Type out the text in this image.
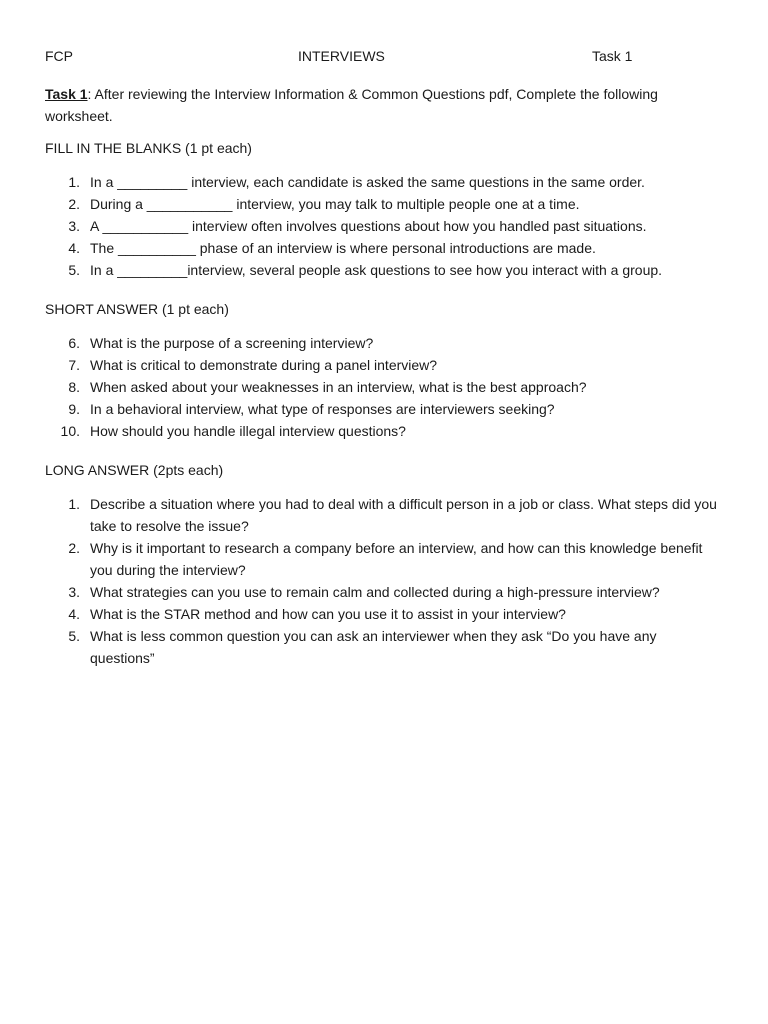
FCP	INTERVIEWS	Task 1
Task 1: After reviewing the Interview Information & Common Questions pdf, Complete the following worksheet.
FILL IN THE BLANKS (1 pt each)
1. In a _________ interview, each candidate is asked the same questions in the same order.
2. During a ___________ interview, you may talk to multiple people one at a time.
3. A ___________ interview often involves questions about how you handled past situations.
4. The __________ phase of an interview is where personal introductions are made.
5. In a _________interview, several people ask questions to see how you interact with a group.
SHORT ANSWER (1 pt each)
6. What is the purpose of a screening interview?
7. What is critical to demonstrate during a panel interview?
8. When asked about your weaknesses in an interview, what is the best approach?
9. In a behavioral interview, what type of responses are interviewers seeking?
10. How should you handle illegal interview questions?
LONG ANSWER (2pts each)
1. Describe a situation where you had to deal with a difficult person in a job or class. What steps did you take to resolve the issue?
2. Why is it important to research a company before an interview, and how can this knowledge benefit you during the interview?
3. What strategies can you use to remain calm and collected during a high-pressure interview?
4. What is the STAR method and how can you use it to assist in your interview?
5. What is less common question you can ask an interviewer when they ask “Do you have any questions”
